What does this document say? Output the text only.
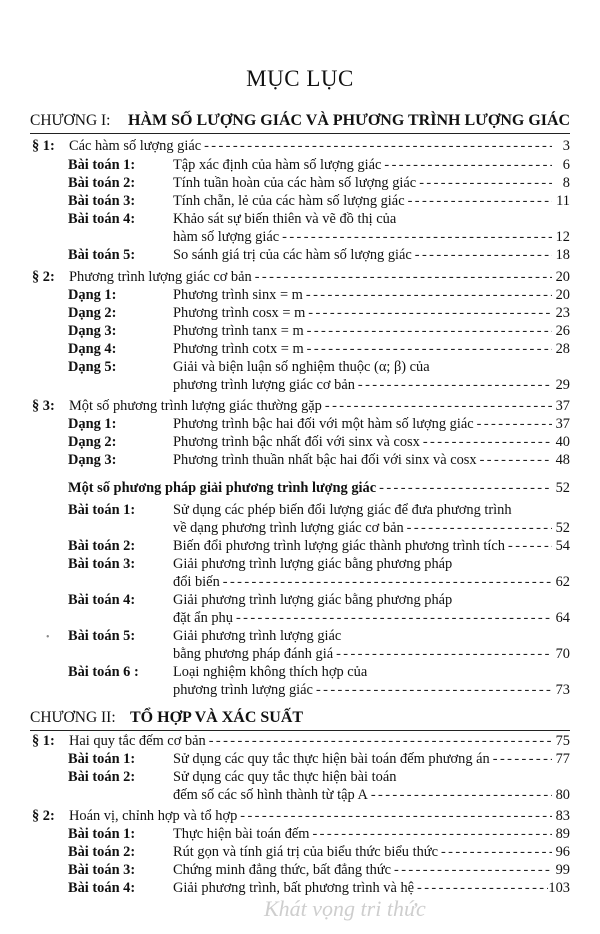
MỤC LỤC
CHƯƠNG I: HÀM SỐ LƯỢNG GIÁC VÀ PHƯƠNG TRÌNH LƯỢNG GIÁC
CHƯƠNG II: TỔ HỢP VÀ XÁC SUẤT
§ 1: Các hàm số lượng giác - - -	3
Bài toán 1:	Tập xác định của hàm số lượng giác - - -	6
Bài toán 2:	Tính tuần hoàn của các hàm số lượng giác - - -	8
Bài toán 3:	Tính chẵn, lẻ của các hàm số lượng giác - - -	11
Bài toán 4:	Khảo sát sự biến thiên và vẽ đồ thị của
hàm số lượng giác - - -	12
Bài toán 5:	So sánh giá trị của các hàm số lượng giác - - -	18
§ 2: Phương trình lượng giác cơ bản - - -	20
Dạng 1:	Phương trình sinx = m - - -	20
Dạng 2:	Phương trình cosx = m - - -	23
Dạng 3:	Phương trình tanx = m - - -	26
Dạng 4:	Phương trình cotx = m - - -	28
Dạng 5:	Giải và biện luận số nghiệm thuộc (α; β) của
phương trình lượng giác cơ bản - - -	29
§ 3: Một số phương trình lượng giác thường gặp - - -	37
Dạng 1:	Phương trình bậc hai đối với một hàm số lượng giác - - -	37
Dạng 2:	Phương trình bậc nhất đối với sinx và cosx - - -	40
Dạng 3:	Phương trình thuần nhất bậc hai đối với sinx và cosx - - -	48
Một số phương pháp giải phương trình lượng giác - - -	52
Bài toán 1:	Sử dụng các phép biến đổi lượng giác để đưa phương trình
về dạng phương trình lượng giác cơ bản - - -	52
Bài toán 2:	Biến đổi phương trình lượng giác thành phương trình tích - - -	54
Bài toán 3:	Giải phương trình lượng giác bằng phương pháp
đổi biến - - -	62
Bài toán 4:	Giải phương trình lượng giác bằng phương pháp
đặt ẩn phụ - - -	64
Bài toán 5:	Giải phương trình lượng giác
bằng phương pháp đánh giá - - -	70
Bài toán 6 :	Loại nghiệm không thích hợp của
phương trình lượng giác - - -	73
§ 1: Hai quy tắc đếm cơ bản - - -	75
Bài toán 1:	Sử dụng các quy tắc thực hiện bài toán đếm phương án - - -	77
Bài toán 2:	Sử dụng các quy tắc thực hiện bài toán
đếm số các số hình thành từ tập A - - -	80
§ 2: Hoán vị, chỉnh hợp và tổ hợp - - -	83
Bài toán 1:	Thực hiện bài toán đếm - - -	89
Bài toán 2:	Rút gọn và tính giá trị của biểu thức biểu thức - - -	96
Bài toán 3:	Chứng minh đẳng thức, bất đẳng thức - - -	99
Bài toán 4:	Giải phương trình, bất phương trình và hệ - - -	103
•
Khát vọng tri thức
